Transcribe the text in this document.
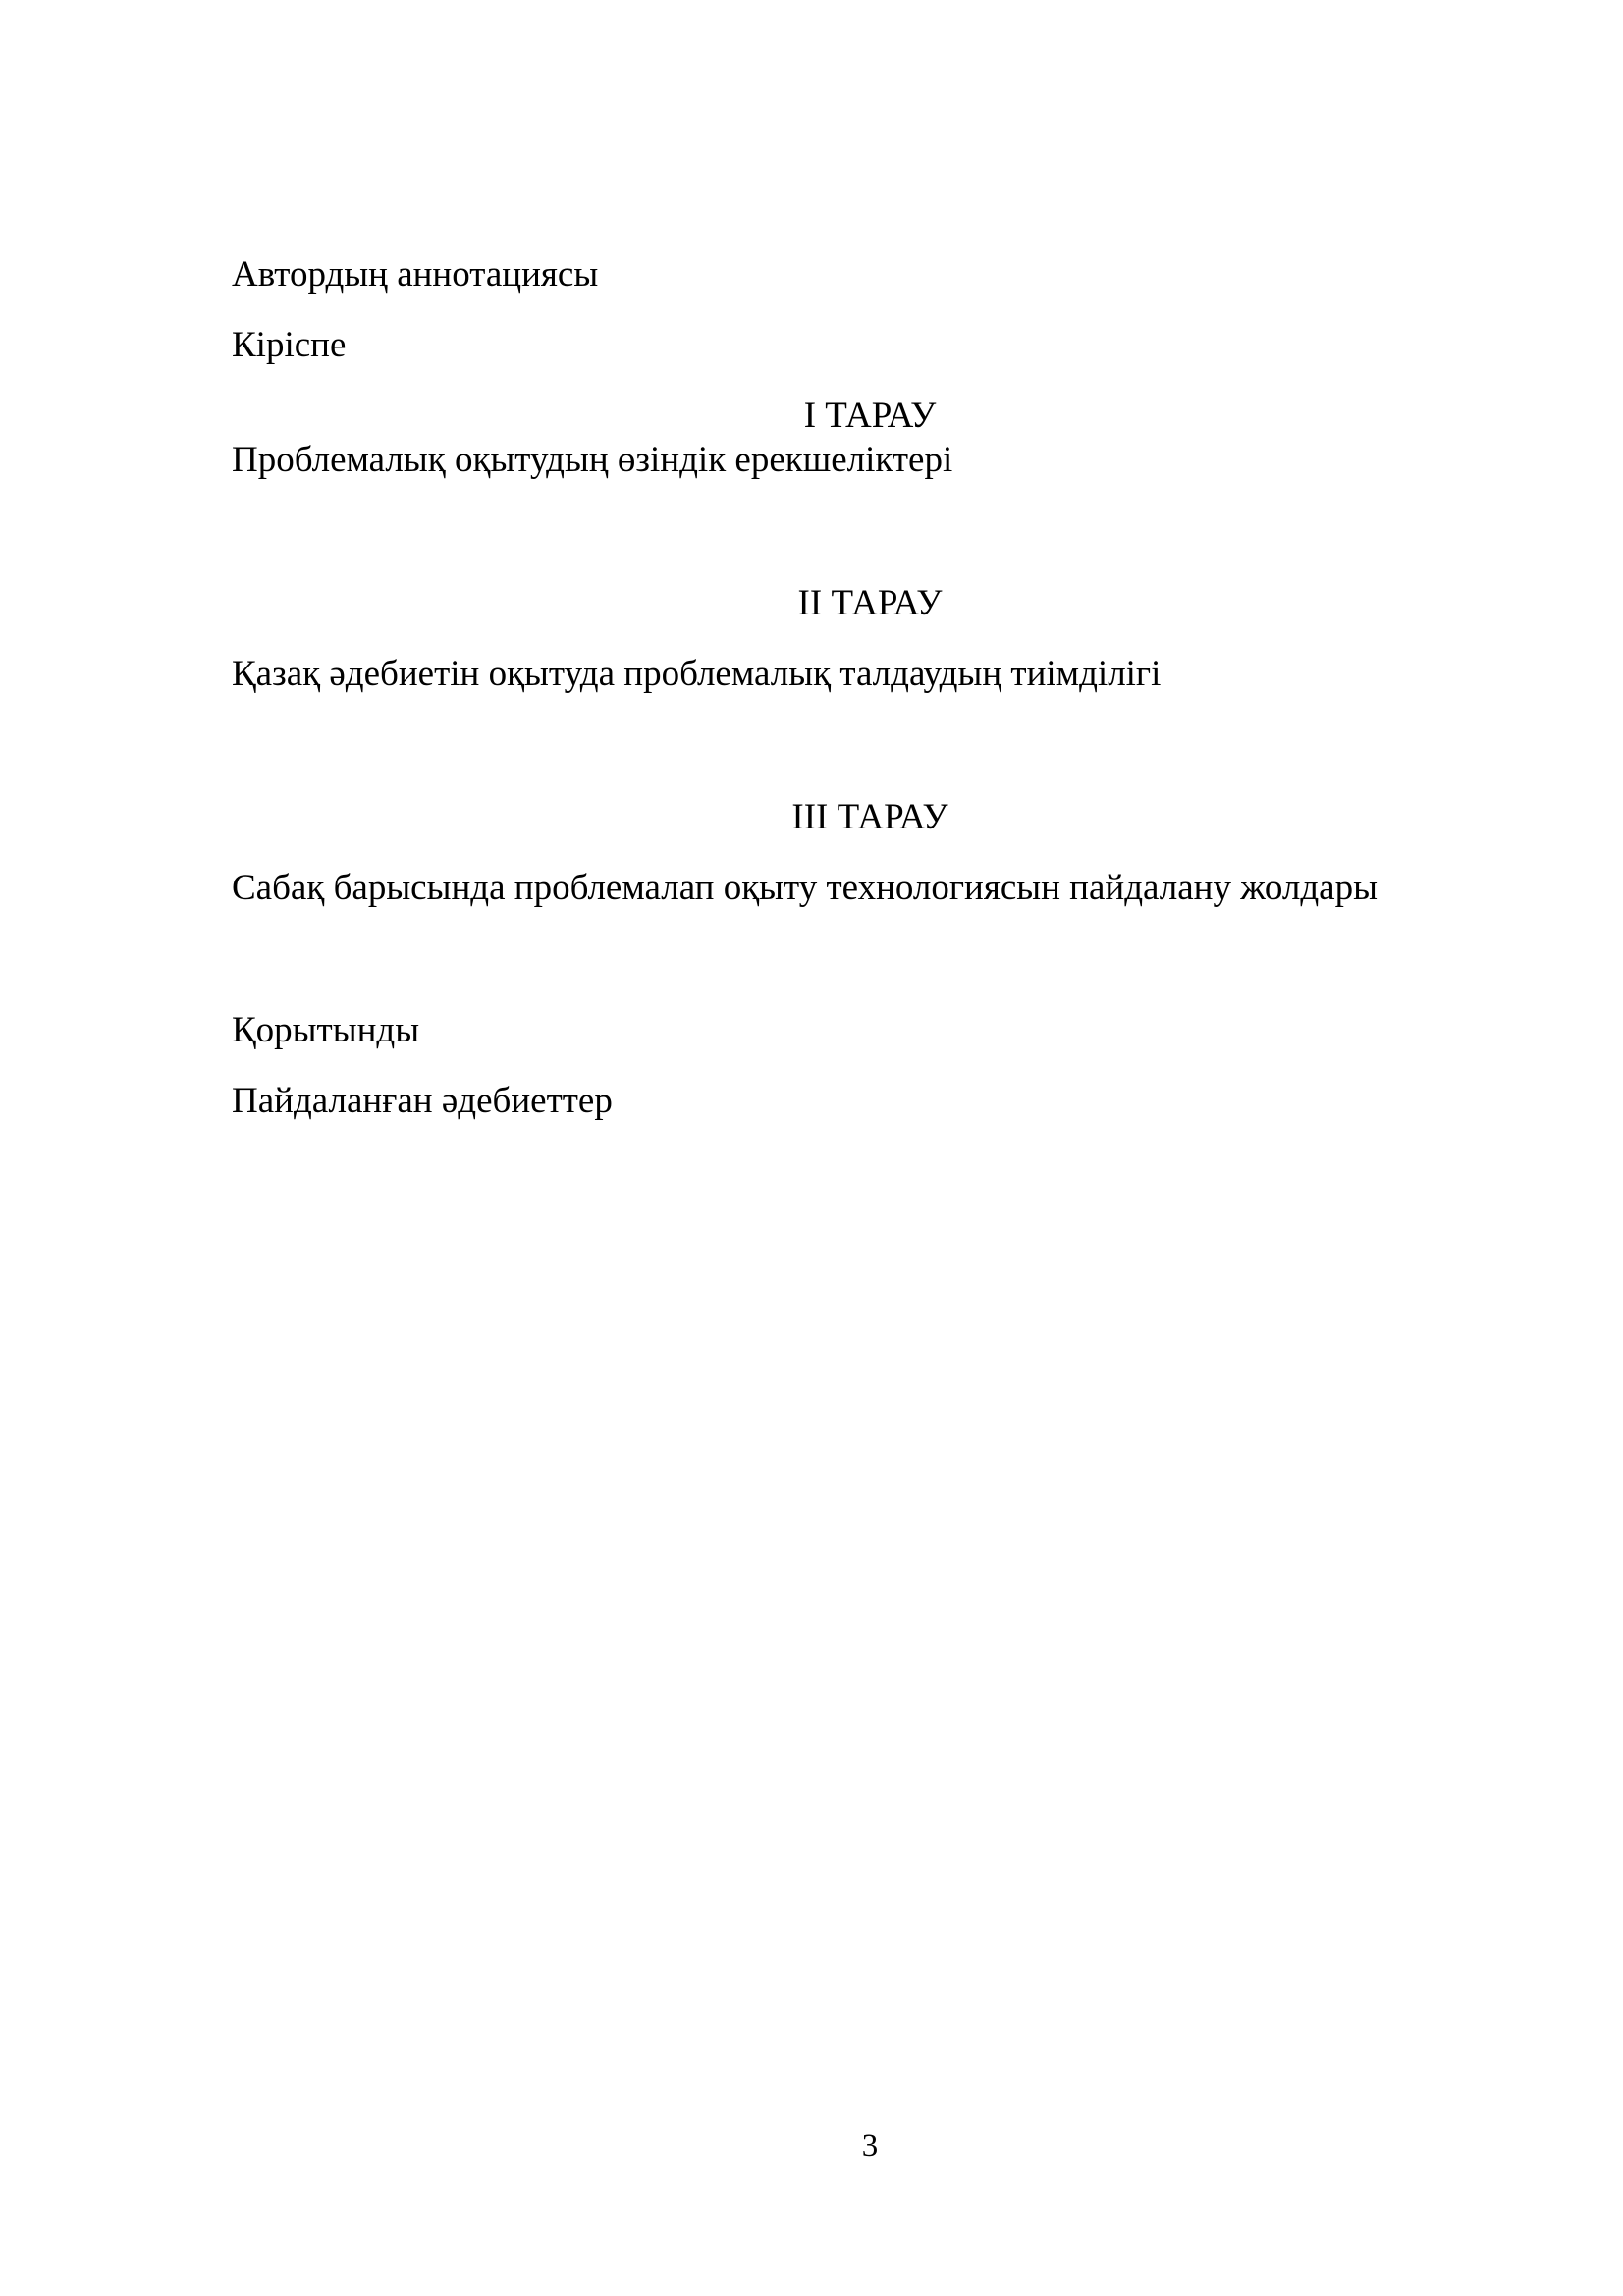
Автордың аннотациясы

Кіріспе

І ТАРАУ

Проблемалық оқытудың өзіндік ерекшеліктері

ІІ ТАРАУ

Қазақ әдебиетін оқытуда проблемалық талдаудың тиімділігі

ІІІ ТАРАУ

Сабақ барысында проблемалап оқыту технологиясын пайдалану жолдары

Қорытынды

Пайдаланған әдебиеттер

3
